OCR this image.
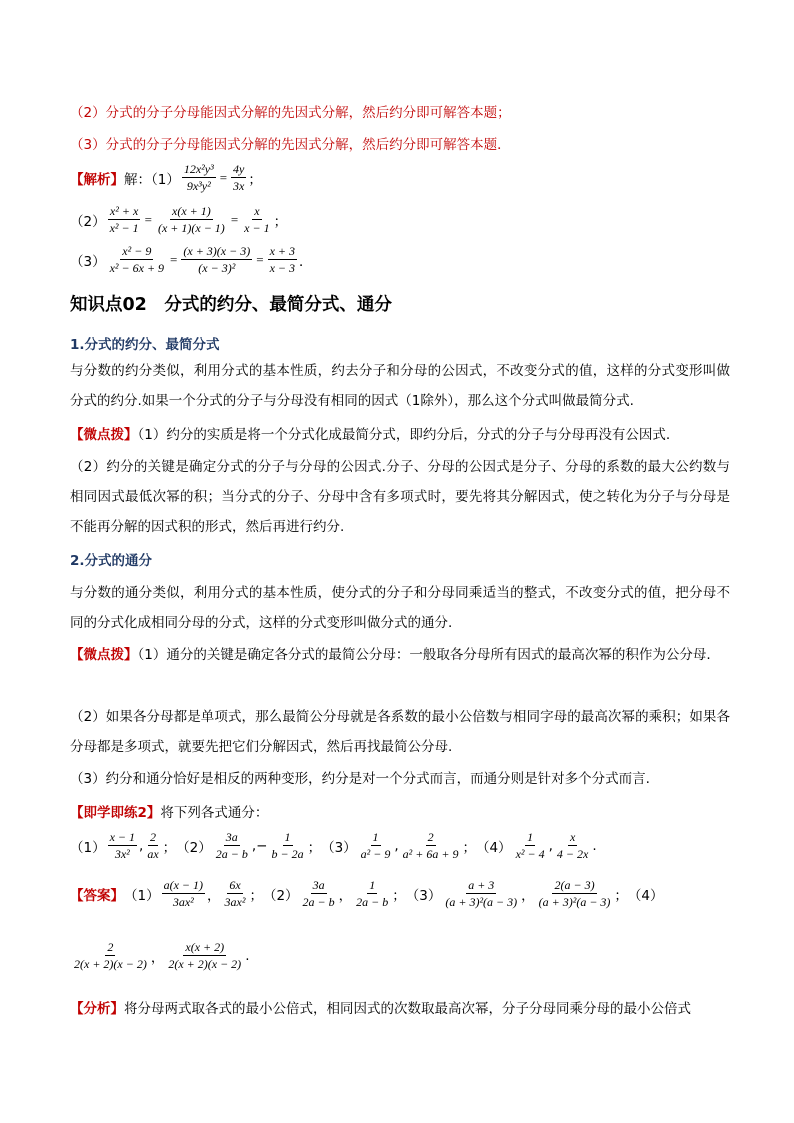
（2）分式的分子分母能因式分解的先因式分解，然后约分即可解答本题；
（3）分式的分子分母能因式分解的先因式分解，然后约分即可解答本题．
【解析】 解：$(1) \frac{\text{12x²y³}}{\text{9x³y²}} = \frac{4y}{3x}$ ；
$(2) \frac{\text{x² + x}}{\text{x² − 1}} = \frac{x(x + 1)}{(x + 1)(x - 1)} = \frac{x}{x - 1}$ ；
$(3) \frac{\text{x² − 9}}{\text{x² − 6x + 9}} = \frac{(x + 3)(x - 3)}{\text{(x − 3)²}} = \frac{x + 3}{x - 3}$ ．
知识点02　分式的约分、最简分式、通分
1.分式的约分、最简分式
与分数的约分类似，利用分式的基本性质，约去分子和分母的公因式，不改变分式的值，这样的分式变形叫做分式的约分.如果一个分式的分子与分母没有相同的因式（1除外），那么这个分式叫做最简分式.
【微点拨】（1）约分的实质是将一个分式化成最简分式，即约分后，分式的分子与分母再没有公因式.
（2）约分的关键是确定分式的分子与分母的公因式.分子、分母的公因式是分子、分母的系数的最大公约数与相同因式最低次幂的积；当分式的分子、分母中含有多项式时，要先将其分解因式，使之转化为分子与分母是不能再分解的因式积的形式，然后再进行约分.
2.分式的通分
与分数的通分类似，利用分式的基本性质，使分式的分子和分母同乘适当的整式，不改变分式的值，把分母不同的分式化成相同分母的分式，这样的分式变形叫做分式的通分.
【微点拨】（1）通分的关键是确定各分式的最简公分母：一般取各分母所有因式的最高次幂的积作为公分母.
（2）如果各分母都是单项式，那么最简公分母就是各系数的最小公倍数与相同字母的最高次幂的乘积；如果各分母都是多项式，就要先把它们分解因式，然后再找最简公分母.
（3）约分和通分恰好是相反的两种变形，约分是对一个分式而言，而通分则是针对多个分式而言.
【即学即练2】 将下列各式通分：
$(1) \frac{x - 1}{\text{3x²}}$ , $\frac{2}{ax}$ ； $(2) \frac{3a}{2a - b}$ ,− $\frac{1}{b - 2a}$ ； $(3) \frac{1}{\text{a² − 9}}$ , $\frac{2}{\text{a² + 6a + 9}}$ ； $(4) \frac{1}{\text{x² − 4}}$ , $\frac{x}{4 - 2x}$ .
【答案】 $(1) \frac{a(x - 1)}{\text{3ax²}}$ ， $\frac{6x}{\text{3ax²}}$ ； $(2) \frac{3a}{2a - b}$ ， $\frac{1}{2a - b}$ ； $(3) \frac{a + 3}{\text{(a + 3)²(a − 3)}}$ ， $\frac{2(a - 3)}{\text{(a + 3)²(a − 3)}}$ ； （4）
$\frac{2}{2(x + 2)(x - 2)}$ ， $\frac{x(x + 2)}{2(x + 2)(x - 2)}$ .
【分析】将分母两式取各式的最小公倍式，相同因式的次数取最高次幂，分子分母同乘分母的最小公倍式
